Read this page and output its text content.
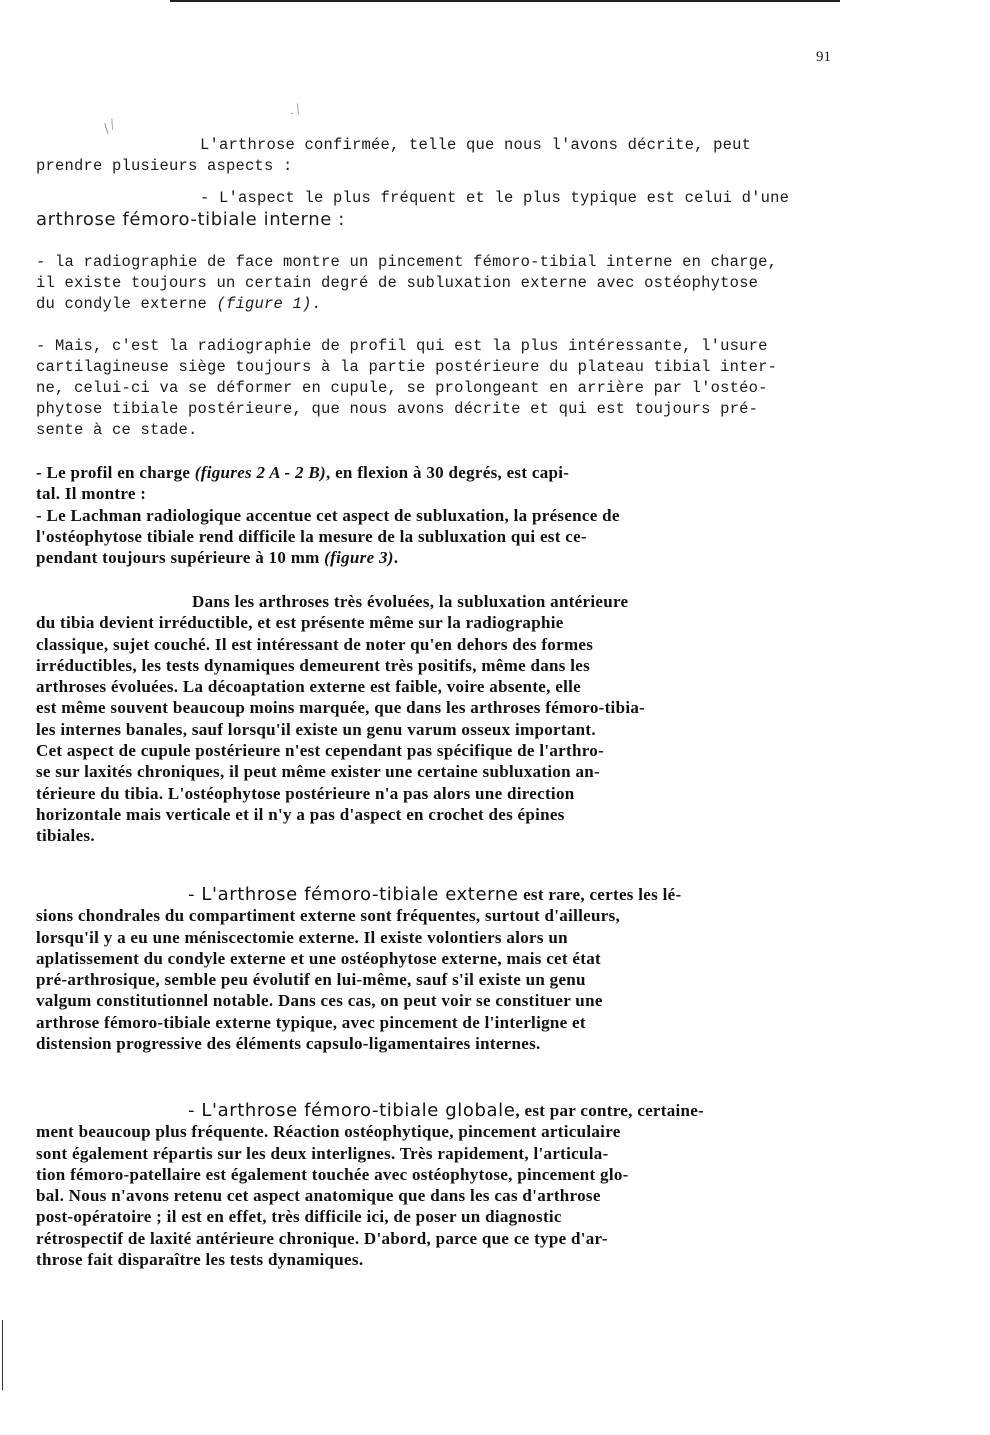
/ ⁄
· ⁄
91
L'arthrose confirmée, telle que nous l'avons décrite, peut
prendre plusieurs aspects :
- L'aspect le plus fréquent et le plus typique est celui d'une
arthrose fémoro-tibiale interne :
- la radiographie de face montre un pincement fémoro-tibial interne en charge,
il existe toujours un certain degré de subluxation externe avec ostéophytose
du condyle externe (figure 1).
- Mais, c'est la radiographie de profil qui est la plus intéressante, l'usure
cartilagineuse siège toujours à la partie postérieure du plateau tibial inter-
ne, celui-ci va se déformer en cupule, se prolongeant en arrière par l'ostéo-
phytose tibiale postérieure, que nous avons décrite et qui est toujours pré-
sente à ce stade.
- Le profil en charge (figures 2 A - 2 B), en flexion à 30 degrés, est capi-
tal. Il montre :
- Le Lachman radiologique accentue cet aspect de subluxation, la présence de
l'ostéophytose tibiale rend difficile la mesure de la subluxation qui est ce-
pendant toujours supérieure à 10 mm (figure 3).
Dans les arthroses très évoluées, la subluxation antérieure
du tibia devient irréductible, et est présente même sur la radiographie
classique, sujet couché. Il est intéressant de noter qu'en dehors des formes
irréductibles, les tests dynamiques demeurent très positifs, même dans les
arthroses évoluées. La décoaptation externe est faible, voire absente, elle
est même souvent beaucoup moins marquée, que dans les arthroses fémoro-tibia-
les internes banales, sauf lorsqu'il existe un genu varum osseux important.
Cet aspect de cupule postérieure n'est cependant pas spécifique de l'arthro-
se sur laxités chroniques, il peut même exister une certaine subluxation an-
térieure du tibia. L'ostéophytose postérieure n'a pas alors une direction
horizontale mais verticale et il n'y a pas d'aspect en crochet des épines
tibiales.
- L'arthrose fémoro-tibiale externe est rare, certes les lé-
sions chondrales du compartiment externe sont fréquentes, surtout d'ailleurs,
lorsqu'il y a eu une méniscectomie externe. Il existe volontiers alors un
aplatissement du condyle externe et une ostéophytose externe, mais cet état
pré-arthrosique, semble peu évolutif en lui-même, sauf s'il existe un genu
valgum constitutionnel notable. Dans ces cas, on peut voir se constituer une
arthrose fémoro-tibiale externe typique, avec pincement de l'interligne et
distension progressive des éléments capsulo-ligamentaires internes.
- L'arthrose fémoro-tibiale globale, est par contre, certaine-
ment beaucoup plus fréquente. Réaction ostéophytique, pincement articulaire
sont également répartis sur les deux interlignes. Très rapidement, l'articula-
tion fémoro-patellaire est également touchée avec ostéophytose, pincement glo-
bal. Nous n'avons retenu cet aspect anatomique que dans les cas d'arthrose
post-opératoire ; il est en effet, très difficile ici, de poser un diagnostic
rétrospectif de laxité antérieure chronique. D'abord, parce que ce type d'ar-
throse fait disparaître les tests dynamiques.
